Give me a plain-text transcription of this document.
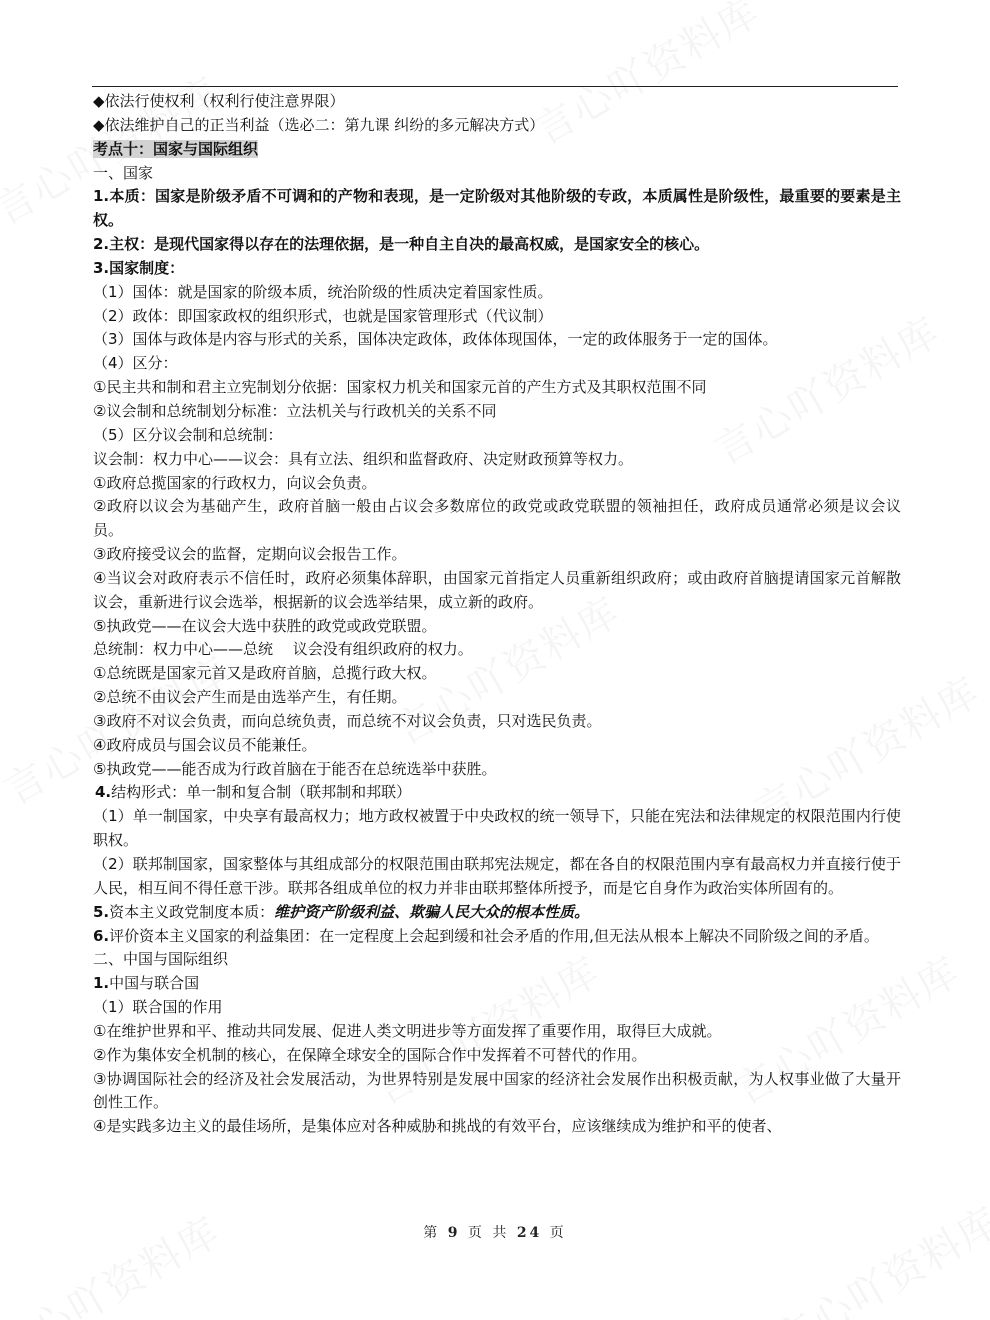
◆依法行使权利（权利行使注意界限）
◆依法维护自己的正当利益（选必二：第九课 纠纷的多元解决方式）
考点十：国家与国际组织
一、国家
1.本质：国家是阶级矛盾不可调和的产物和表现，是一定阶级对其他阶级的专政，本质属性是阶级性，最重要的要素是主权。
2.主权：是现代国家得以存在的法理依据，是一种自主自决的最高权威，是国家安全的核心。
3.国家制度：
（1）国体：就是国家的阶级本质，统治阶级的性质决定着国家性质。
（2）政体：即国家政权的组织形式，也就是国家管理形式（代议制）
（3）国体与政体是内容与形式的关系，国体决定政体，政体体现国体，一定的政体服务于一定的国体。
（4）区分：
①民主共和制和君主立宪制划分依据：国家权力机关和国家元首的产生方式及其职权范围不同
②议会制和总统制划分标准：立法机关与行政机关的关系不同
（5）区分议会制和总统制：
议会制：权力中心——议会：具有立法、组织和监督政府、决定财政预算等权力。
①政府总揽国家的行政权力，向议会负责。
②政府以议会为基础产生，政府首脑一般由占议会多数席位的政党或政党联盟的领袖担任，政府成员通常必须是议会议员。
③政府接受议会的监督，定期向议会报告工作。
④当议会对政府表示不信任时，政府必须集体辞职，由国家元首指定人员重新组织政府；或由政府首脑提请国家元首解散议会，重新进行议会选举，根据新的议会选举结果，成立新的政府。
⑤执政党——在议会大选中获胜的政党或政党联盟。
总统制：权力中心——总统　 议会没有组织政府的权力。
①总统既是国家元首又是政府首脑，总揽行政大权。
②总统不由议会产生而是由选举产生，有任期。
③政府不对议会负责，而向总统负责，而总统不对议会负责，只对选民负责。
④政府成员与国会议员不能兼任。
⑤执政党——能否成为行政首脑在于能否在总统选举中获胜。
4.结构形式：单一制和复合制（联邦制和邦联）
（1）单一制国家，中央享有最高权力；地方政权被置于中央政权的统一领导下，只能在宪法和法律规定的权限范围内行使职权。
（2）联邦制国家，国家整体与其组成部分的权限范围由联邦宪法规定，都在各自的权限范围内享有最高权力并直接行使于人民，相互间不得任意干涉。联邦各组成单位的权力并非由联邦整体所授予，而是它自身作为政治实体所固有的。
5.资本主义政党制度本质：维护资产阶级利益、欺骗人民大众的根本性质。
6.评价资本主义国家的利益集团：在一定程度上会起到缓和社会矛盾的作用,但无法从根本上解决不同阶级之间的矛盾。
二、中国与国际组织
1.中国与联合国
（1）联合国的作用
①在维护世界和平、推动共同发展、促进人类文明进步等方面发挥了重要作用，取得巨大成就。
②作为集体安全机制的核心，在保障全球安全的国际合作中发挥着不可替代的作用。
③协调国际社会的经济及社会发展活动，为世界特别是发展中国家的经济社会发展作出积极贡献，为人权事业做了大量开创性工作。
④是实践多边主义的最佳场所，是集体应对各种威胁和挑战的有效平台，应该继续成为维护和平的使者、
第 9 页 共 24 页
